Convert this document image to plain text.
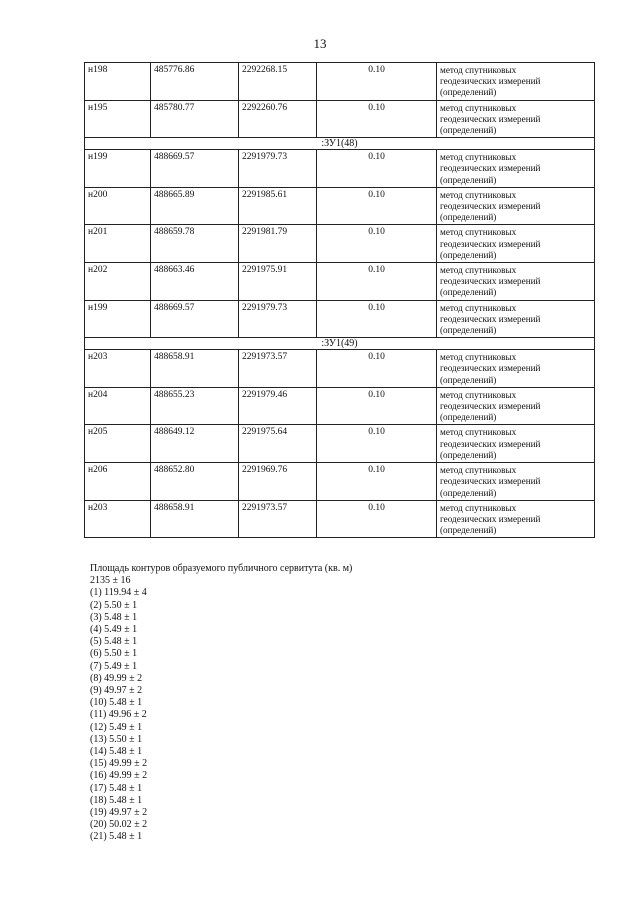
13
н198	485776.86	2292268.15	0.10	метод спутниковых
геодезических измерений
(определений)

н195	485780.77	2292260.76	0.10	метод спутниковых
геодезических измерений
(определений)

:ЗУ1(48)				
н199	488669.57	2291979.73	0.10	метод спутниковых
геодезических измерений
(определений)

н200	488665.89	2291985.61	0.10	метод спутниковых
геодезических измерений
(определений)

н201	488659.78	2291981.79	0.10	метод спутниковых
геодезических измерений
(определений)

н202	488663.46	2291975.91	0.10	метод спутниковых
геодезических измерений
(определений)

н199	488669.57	2291979.73	0.10	метод спутниковых
геодезических измерений
(определений)

:ЗУ1(49)				
н203	488658.91	2291973.57	0.10	метод спутниковых
геодезических измерений
(определений)

н204	488655.23	2291979.46	0.10	метод спутниковых
геодезических измерений
(определений)

н205	488649.12	2291975.64	0.10	метод спутниковых
геодезических измерений
(определений)

н206	488652.80	2291969.76	0.10	метод спутниковых
геодезических измерений
(определений)

н203	488658.91	2291973.57	0.10	метод спутниковых
геодезических измерений
(определений)
Площадь контуров образуемого публичного сервитута (кв. м)
2135 ± 16
(1) 119.94 ± 4
(2) 5.50 ± 1
(3) 5.48 ± 1
(4) 5.49 ± 1
(5) 5.48 ± 1
(6) 5.50 ± 1
(7) 5.49 ± 1
(8) 49.99 ± 2
(9) 49.97 ± 2
(10) 5.48 ± 1
(11) 49.96 ± 2
(12) 5.49 ± 1
(13) 5.50 ± 1
(14) 5.48 ± 1
(15) 49.99 ± 2
(16) 49.99 ± 2
(17) 5.48 ± 1
(18) 5.48 ± 1
(19) 49.97 ± 2
(20) 50.02 ± 2
(21) 5.48 ± 1
